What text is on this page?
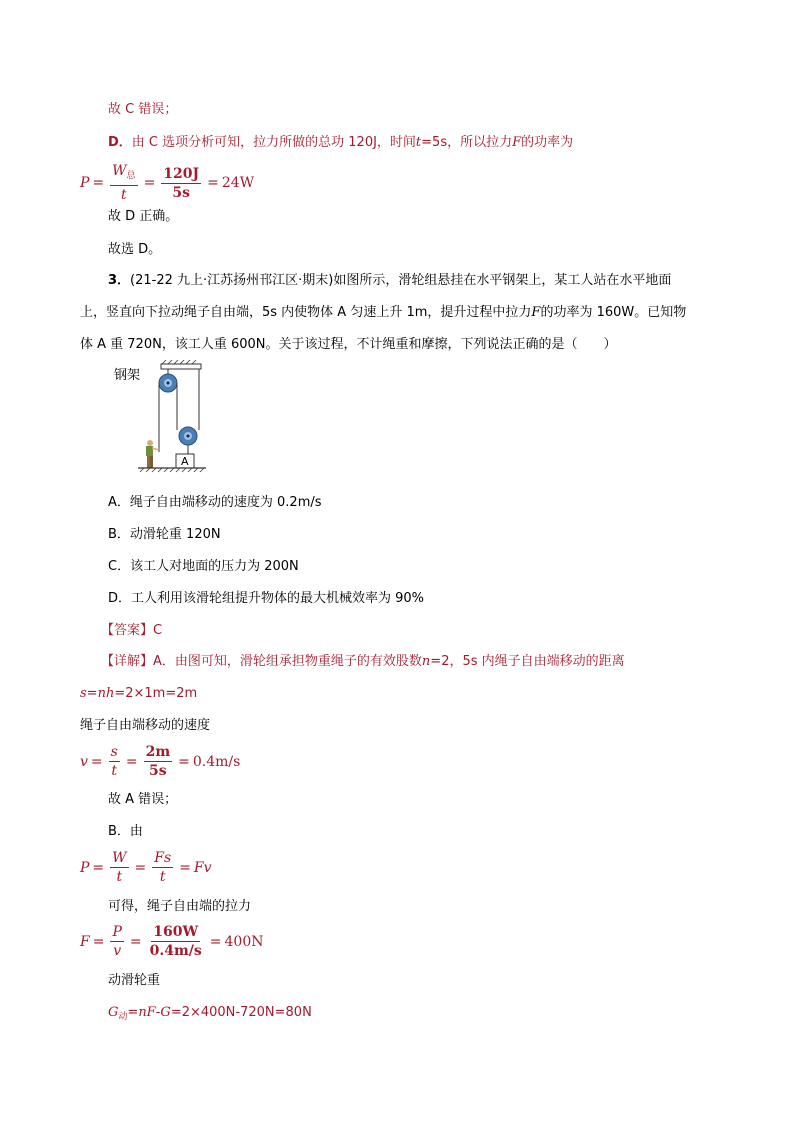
故 C 错误；
D．由 C 选项分析可知，拉力所做的总功 120J，时间t=5s，所以拉力F的功率为
$P = \frac{W_总}{t} = \frac{120J}{5s} = 24W$
故 D 正确。
故选 D。
3．(21-22 九上·江苏扬州邗江区·期末)如图所示，滑轮组悬挂在水平钢架上，某工人站在水平地面
上，竖直向下拉动绳子自由端，5s 内使物体 A 匀速上升 1m，提升过程中拉力F的功率为 160W。已知物
体 A 重 720N，该工人重 600N。关于该过程，不计绳重和摩擦，下列说法正确的是（　　）
钢架
A
A．绳子自由端移动的速度为 0.2m/s
B．动滑轮重 120N
C．该工人对地面的压力为 200N
D．工人利用该滑轮组提升物体的最大机械效率为 90%
【答案】C
【详解】A．由图可知，滑轮组承担物重绳子的有效股数n=2，5s 内绳子自由端移动的距离
s=nh=2×1m=2m
绳子自由端移动的速度
$v = \frac{s}{t} = \frac{2m}{5s} = 0.4m/s$
故 A 错误；
B．由
$P = \frac{W}{t} = \frac{Fs}{t} = Fv$
可得，绳子自由端的拉力
$F = \frac{P}{v} = \frac{160W}{0.4m/s} = 400N$
动滑轮重
$G_动=nF-G=2\times 400N-720N=80N$
